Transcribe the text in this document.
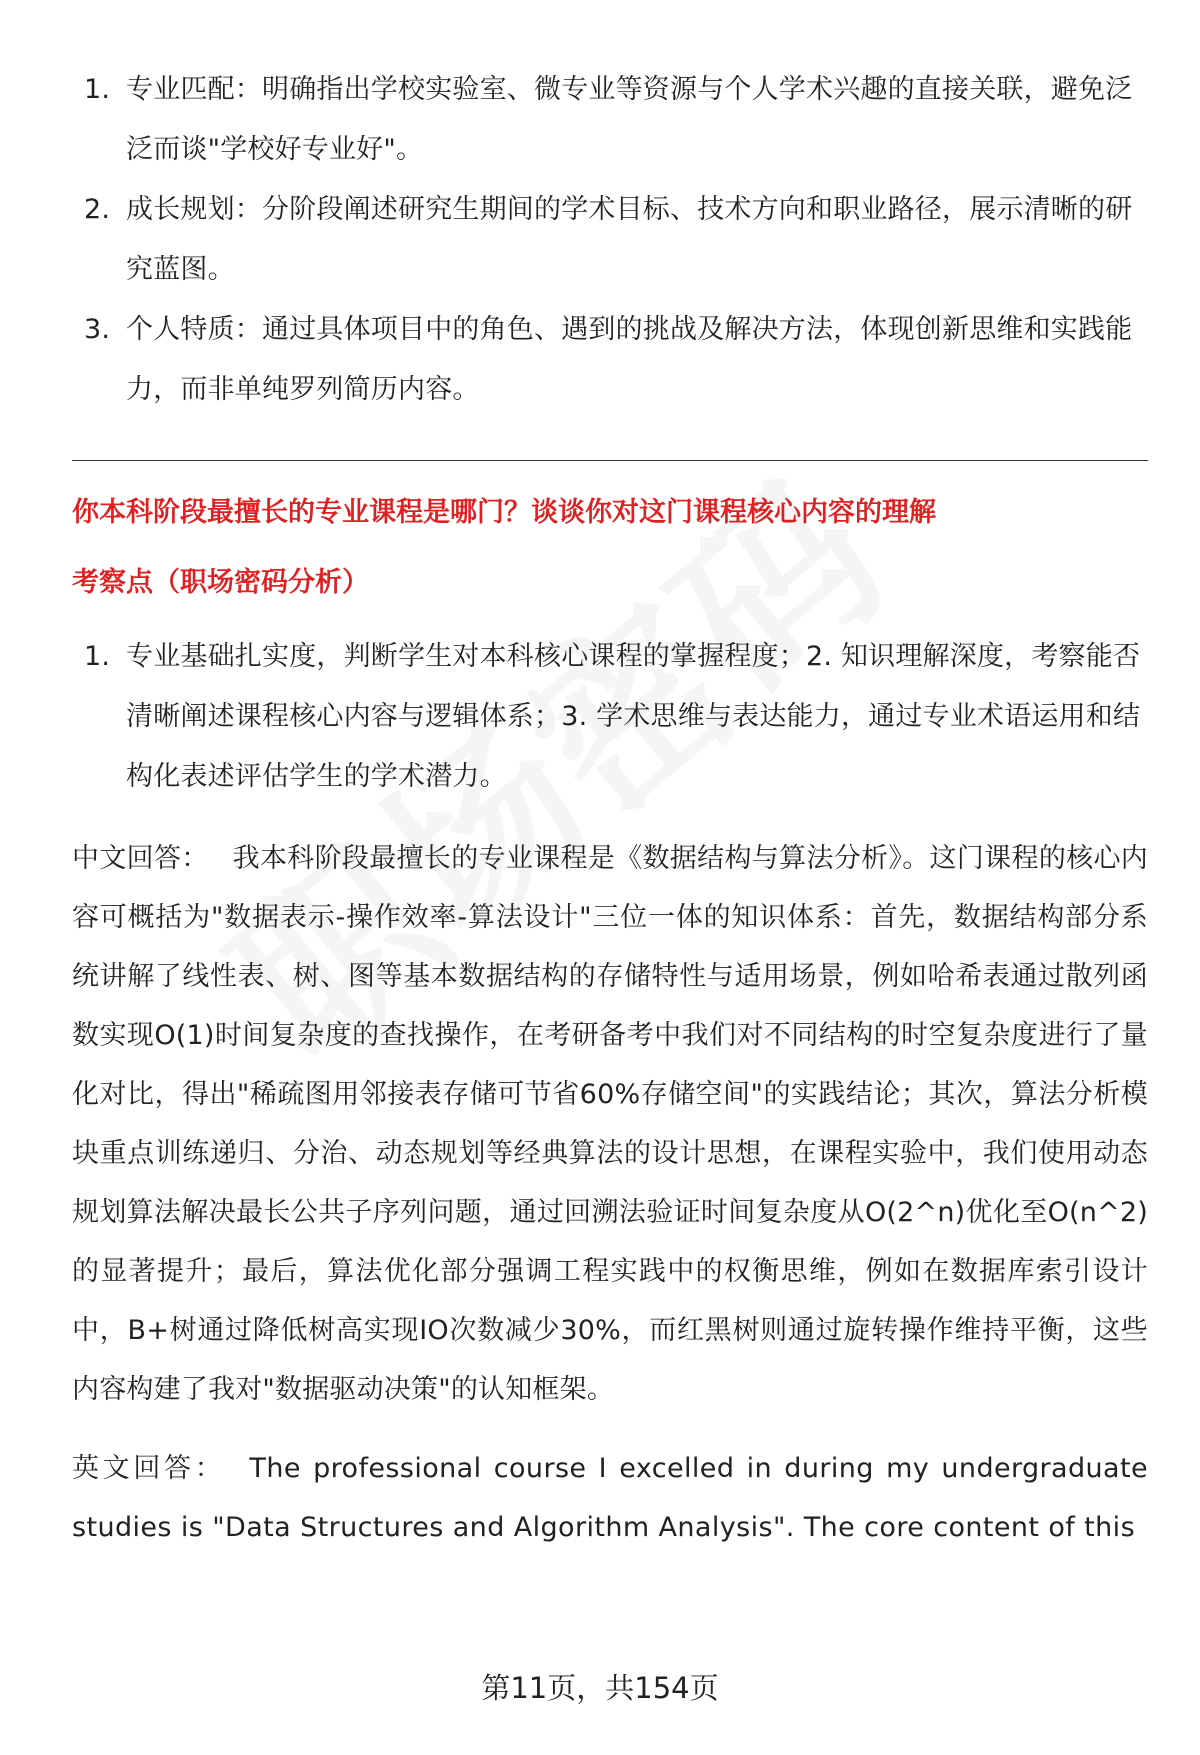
1. 专业匹配：明确指出学校实验室、微专业等资源与个人学术兴趣的直接关联，避免泛泛而谈"学校好专业好"。
2. 成长规划：分阶段阐述研究生期间的学术目标、技术方向和职业路径，展示清晰的研究蓝图。
3. 个人特质：通过具体项目中的角色、遇到的挑战及解决方法，体现创新思维和实践能力，而非单纯罗列简历内容。

你本科阶段最擅长的专业课程是哪门？谈谈你对这门课程核心内容的理解

考察点（职场密码分析）

1. 专业基础扎实度，判断学生对本科核心课程的掌握程度；2. 知识理解深度，考察能否清晰阐述课程核心内容与逻辑体系；3. 学术思维与表达能力，通过专业术语运用和结构化表述评估学生的学术潜力。

中文回答： 我本科阶段最擅长的专业课程是《数据结构与算法分析》。这门课程的核心内容可概括为"数据表示-操作效率-算法设计"三位一体的知识体系：首先，数据结构部分系统讲解了线性表、树、图等基本数据结构的存储特性与适用场景，例如哈希表通过散列函数实现O(1)时间复杂度的查找操作，在考研备考中我们对不同结构的时空复杂度进行了量化对比，得出"稀疏图用邻接表存储可节省60%存储空间"的实践结论；其次，算法分析模块重点训练递归、分治、动态规划等经典算法的设计思想，在课程实验中，我们使用动态规划算法解决最长公共子序列问题，通过回溯法验证时间复杂度从O(2^n)优化至O(n^2)的显著提升；最后，算法优化部分强调工程实践中的权衡思维，例如在数据库索引设计中，B+树通过降低树高实现IO次数减少30%，而红黑树则通过旋转操作维持平衡，这些内容构建了我对"数据驱动决策"的认知框架。

英文回答： The professional course I excelled in during my undergraduate studies is "Data Structures and Algorithm Analysis". The core content of this

第11页，共154页
